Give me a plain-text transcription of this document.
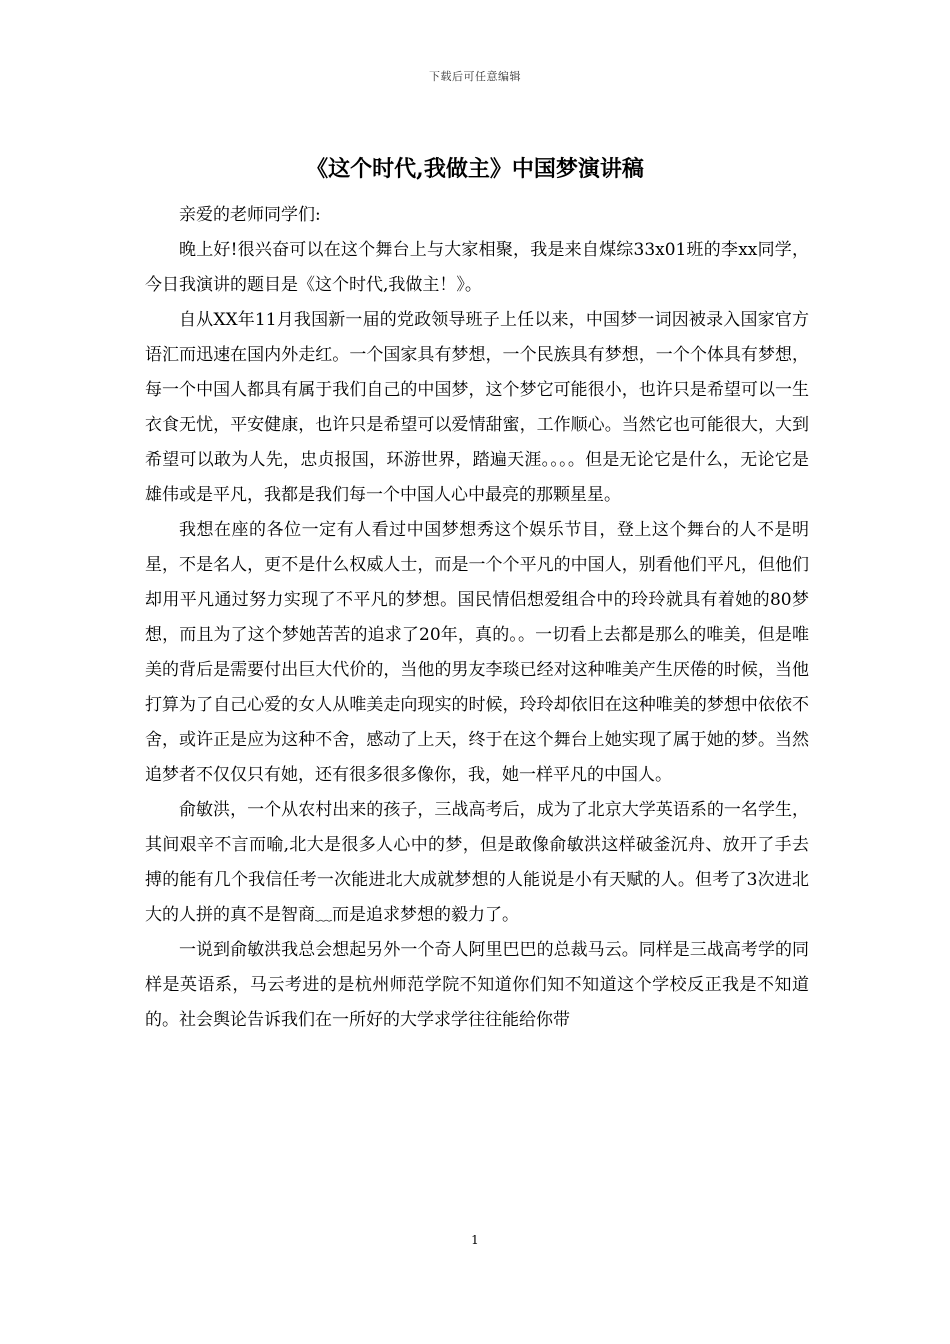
下载后可任意编辑
《这个时代,我做主》中国梦演讲稿

亲爱的老师同学们:

晚上好!很兴奋可以在这个舞台上与大家相聚，我是来自煤综33x01班的李xx同学，今日我演讲的题目是《这个时代,我做主！》。

自从XX年11月我国新一届的党政领导班子上任以来，中国梦一词因被录入国家官方语汇而迅速在国内外走红。一个国家具有梦想，一个民族具有梦想，一个个体具有梦想，每一个中国人都具有属于我们自己的中国梦，这个梦它可能很小，也许只是希望可以一生衣食无忧，平安健康，也许只是希望可以爱情甜蜜，工作顺心。当然它也可能很大，大到希望可以敢为人先，忠贞报国，环游世界，踏遍天涯。。。。但是无论它是什么，无论它是雄伟或是平凡，我都是我们每一个中国人心中最亮的那颗星星。

我想在座的各位一定有人看过中国梦想秀这个娱乐节目，登上这个舞台的人不是明星，不是名人，更不是什么权威人士，而是一个个平凡的中国人，别看他们平凡，但他们却用平凡通过努力实现了不平凡的梦想。国民情侣想爱组合中的玲玲就具有着她的80梦想，而且为了这个梦她苦苦的追求了20年，真的。。一切看上去都是那么的唯美，但是唯美的背后是需要付出巨大代价的，当他的男友李琰已经对这种唯美产生厌倦的时候，当他打算为了自己心爱的女人从唯美走向现实的时候，玲玲却依旧在这种唯美的梦想中依依不舍，或许正是应为这种不舍，感动了上天，终于在这个舞台上她实现了属于她的梦。当然追梦者不仅仅只有她，还有很多很多像你，我，她一样平凡的中国人。

俞敏洪，一个从农村出来的孩子，三战高考后，成为了北京大学英语系的一名学生，其间艰辛不言而喻,北大是很多人心中的梦，但是敢像俞敏洪这样破釜沉舟、放开了手去搏的能有几个我信任考一次能进北大成就梦想的人能说是小有天赋的人。但考了3次进北大的人拼的真不是智商﹏而是追求梦想的毅力了。

一说到俞敏洪我总会想起另外一个奇人阿里巴巴的总裁马云。同样是三战高考学的同样是英语系，马云考进的是杭州师范学院不知道你们知不知道这个学校反正我是不知道的。社会舆论告诉我们在一所好的大学求学往往能给你带

1
